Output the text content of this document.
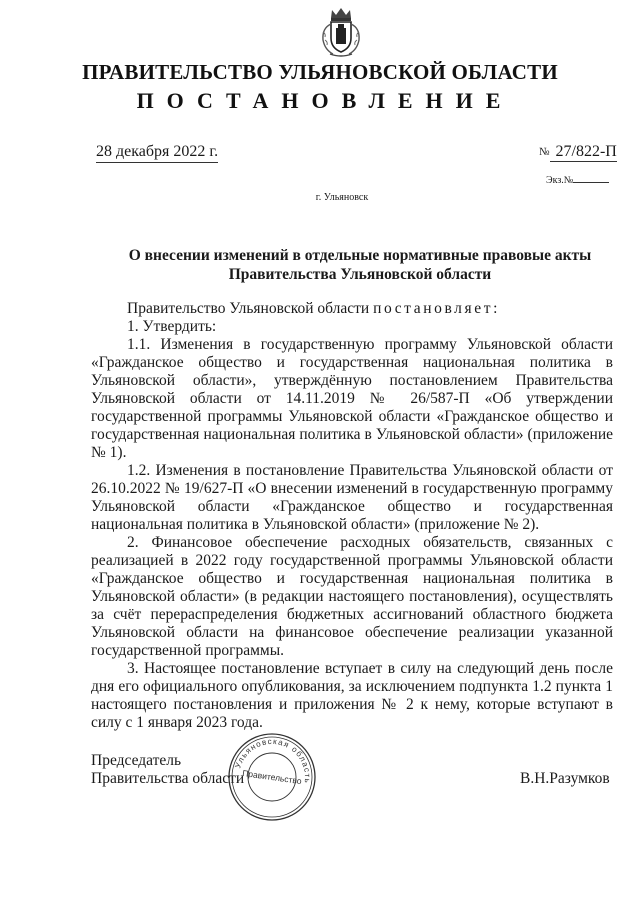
ПРАВИТЕЛЬСТВО УЛЬЯНОВСКОЙ ОБЛАСТИ
ПОСТАНОВЛЕНИЕ
28 декабря 2022 г.	№ 27/822-П
Экз.№
г. Ульяновск
О внесении изменений в отдельные нормативные правовые акты
Правительства Ульяновской области

Правительство Ульяновской области постановляет:

1. Утвердить:

1.1. Изменения в государственную программу Ульяновской области «Гражданское общество и государственная национальная политика в Ульяновской области», утверждённую постановлением Правительства Ульяновской области от 14.11.2019 № 26/587-П «Об утверждении государственной программы Ульяновской области «Гражданское общество и государственная национальная политика в Ульяновской области» (приложение № 1).

1.2. Изменения в постановление Правительства Ульяновской области от 26.10.2022 № 19/627-П «О внесении изменений в государственную программу Ульяновской области «Гражданское общество и государственная национальная политика в Ульяновской области» (приложение № 2).

2. Финансовое обеспечение расходных обязательств, связанных с реализацией в 2022 году государственной программы Ульяновской области «Гражданское общество и государственная национальная политика в Ульяновской области» (в редакции настоящего постановления), осуществлять за счёт перераспределения бюджетных ассигнований областного бюджета Ульяновской области на финансовое обеспечение реализации указанной государственной программы.

3. Настоящее постановление вступает в силу на следующий день после дня его официального опубликования, за исключением подпункта 1.2 пункта 1 настоящего постановления и приложения № 2 к нему, которые вступают в силу с 1 января 2023 года.

Председатель
Правительства области	В.Н.Разумков
Ульяновская область
Правительство
